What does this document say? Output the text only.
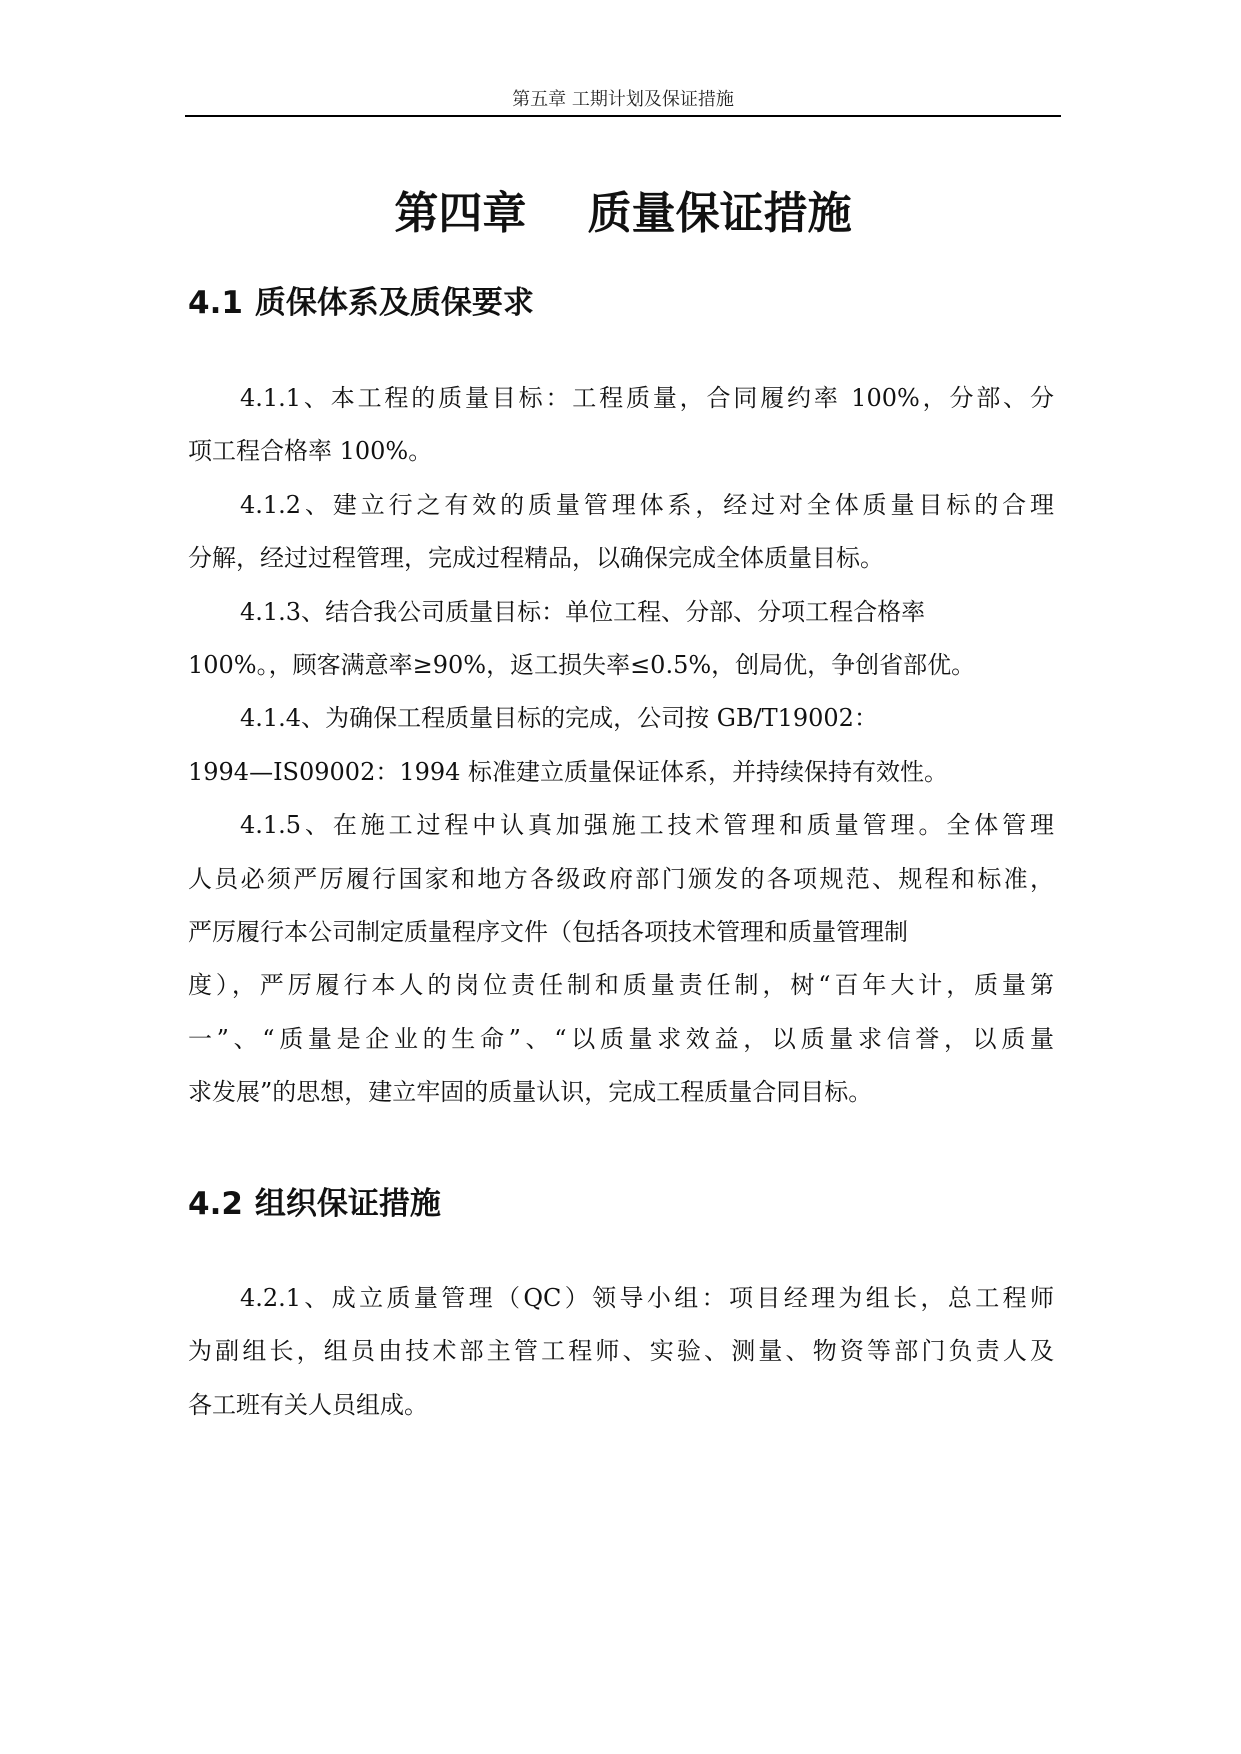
第五章 工期计划及保证措施
第四章    质量保证措施
4.1 质保体系及质保要求

4.1.1、本工程的质量目标：工程质量，合同履约率 100%，分部、分
项工程合格率 100%。

4.1.2、建立行之有效的质量管理体系，经过对全体质量目标的合理
分解，经过过程管理，完成过程精品，以确保完成全体质量目标。

4.1.3、结合我公司质量目标：单位工程、分部、分项工程合格率
100%。，顾客满意率≥90%，返工损失率≤0.5%，创局优，争创省部优。

4.1.4、为确保工程质量目标的完成，公司按 GB/T19002：
1994—IS09002：1994 标准建立质量保证体系，并持续保持有效性。

4.1.5、在施工过程中认真加强施工技术管理和质量管理。全体管理
人员必须严厉履行国家和地方各级政府部门颁发的各项规范、规程和标准，
严厉履行本公司制定质量程序文件（包括各项技术管理和质量管理制
度），严厉履行本人的岗位责任制和质量责任制，树“百年大计，质量第
一”、“质量是企业的生命”、“以质量求效益，以质量求信誉，以质量
求发展”的思想，建立牢固的质量认识，完成工程质量合同目标。

4.2 组织保证措施

4.2.1、成立质量管理（QC）领导小组：项目经理为组长，总工程师
为副组长，组员由技术部主管工程师、实验、测量、物资等部门负责人及
各工班有关人员组成。
